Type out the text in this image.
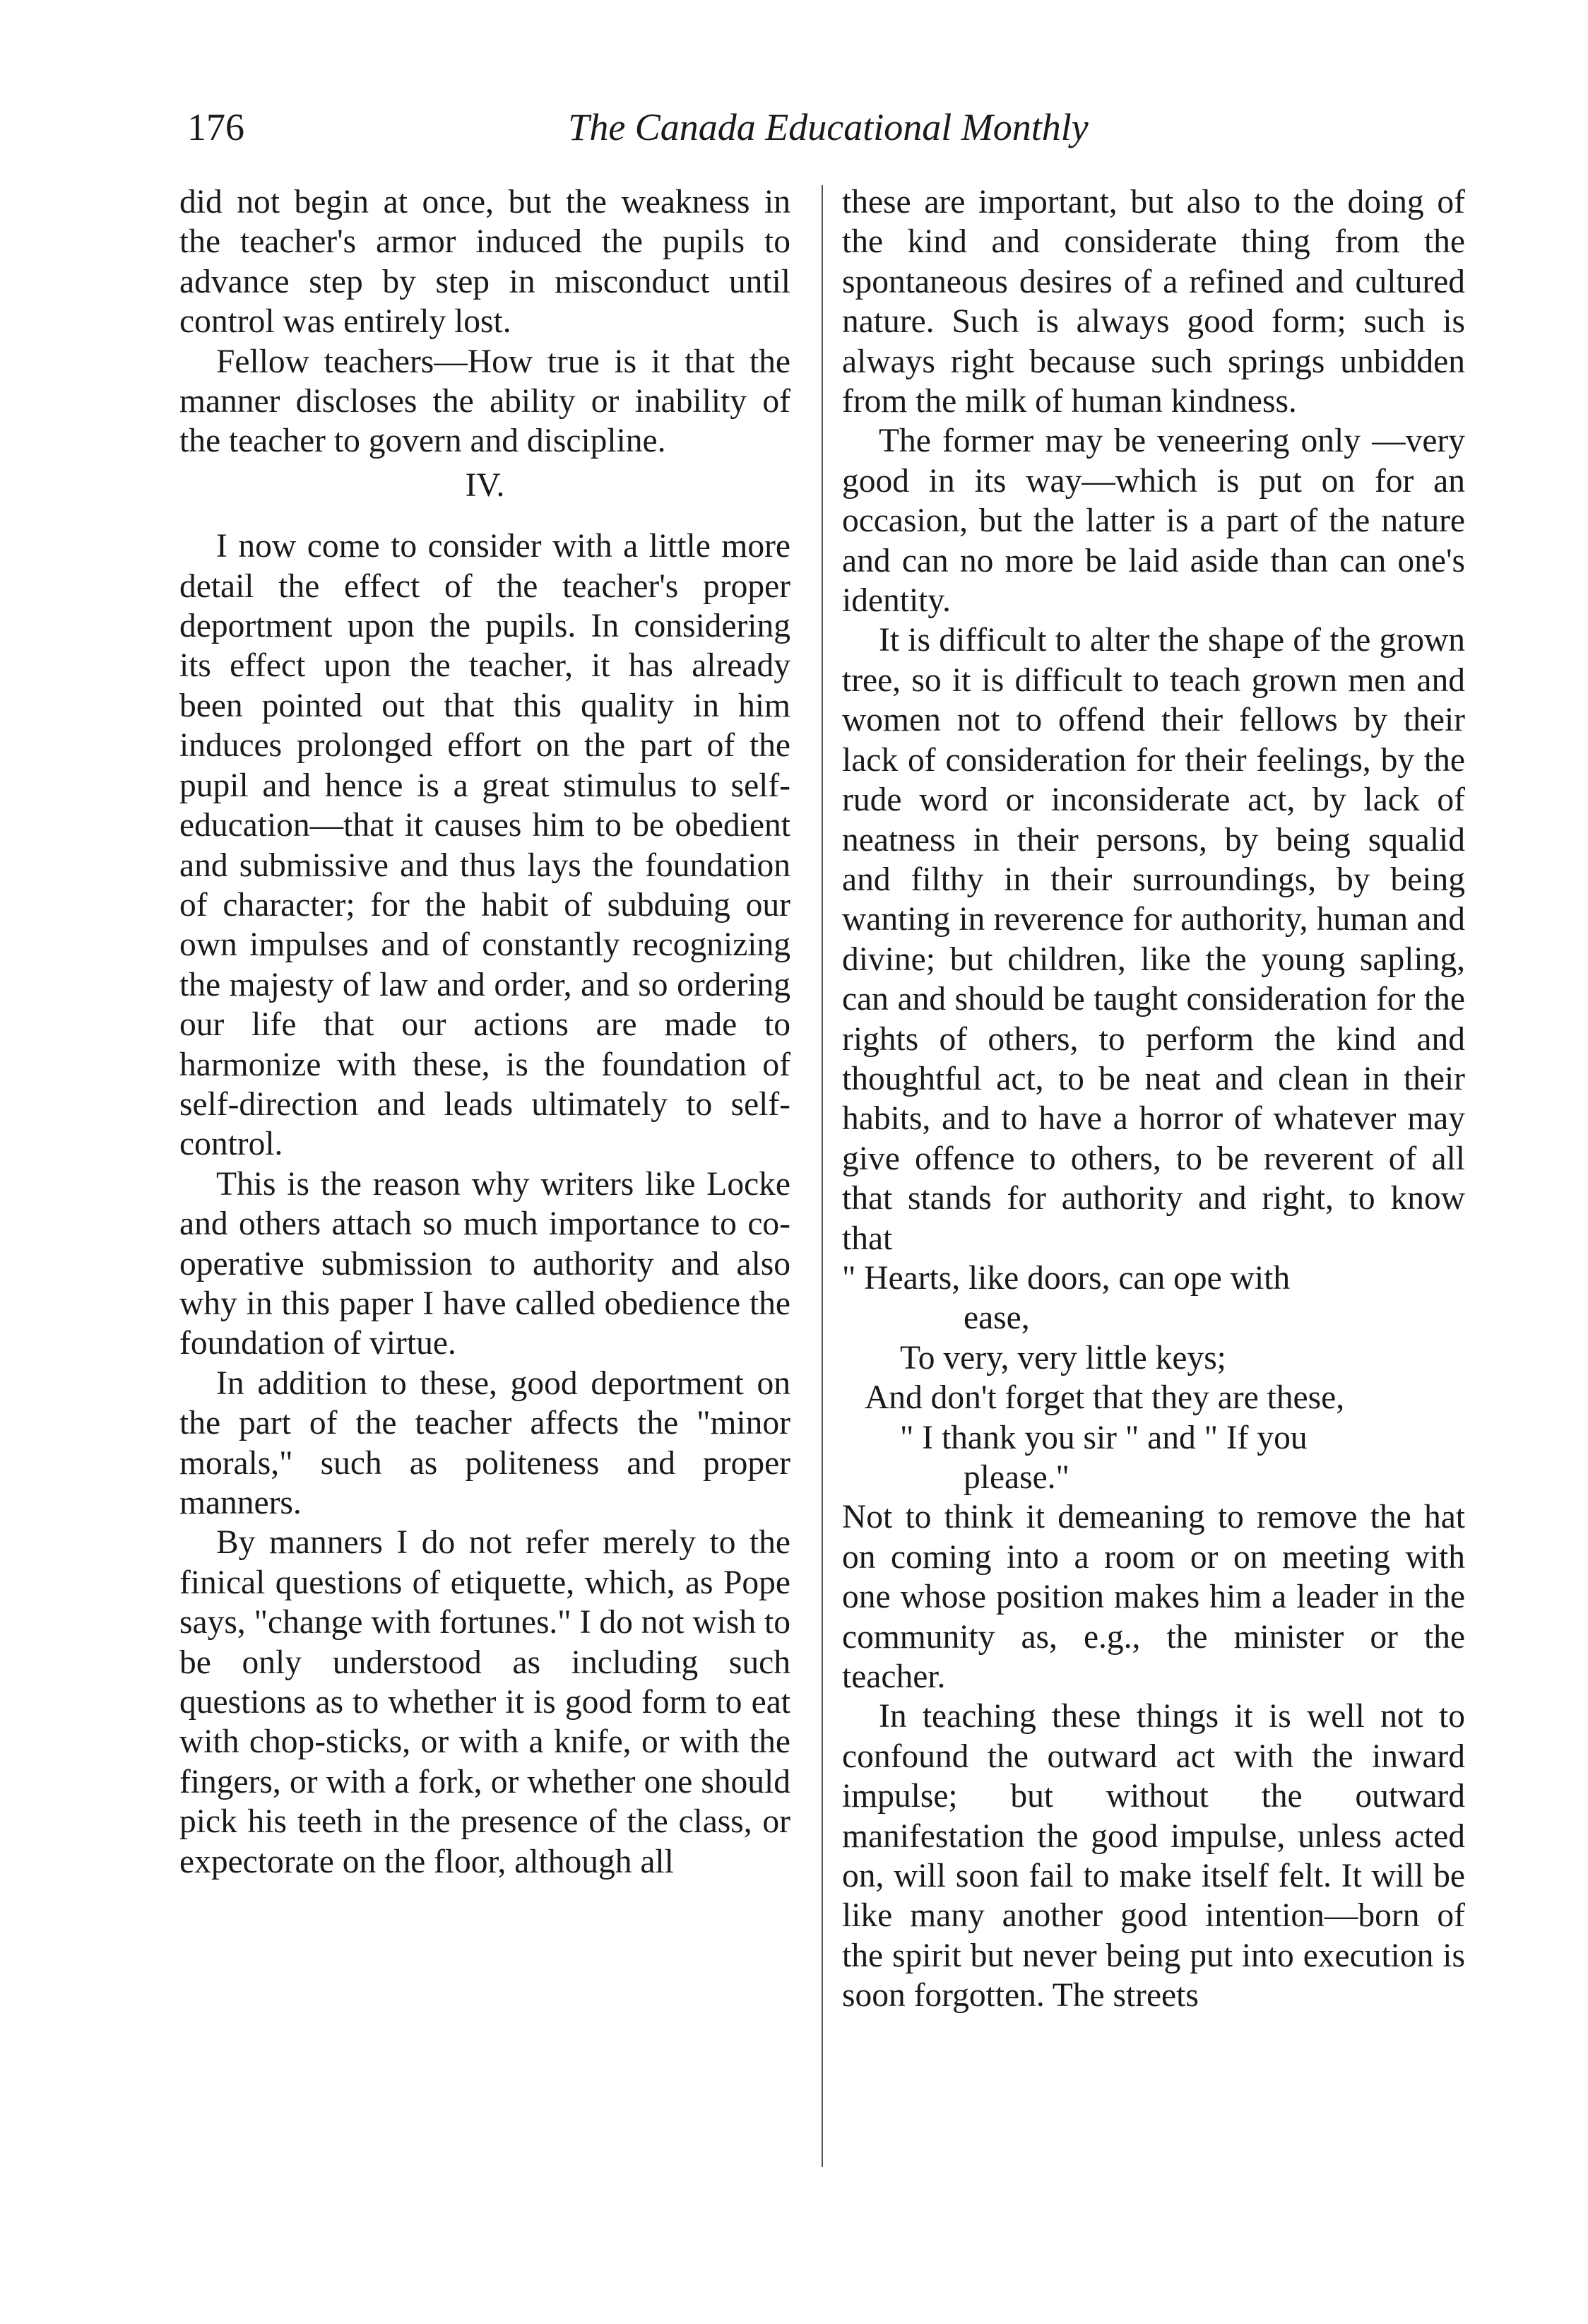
176	The Canada Educational Monthly

did not begin at once, but the weakness in the teacher's armor induced the pupils to advance step by step in misconduct until control was entirely lost.

Fellow teachers—How true is it that the manner discloses the ability or inability of the teacher to govern and discipline.

IV.

I now come to consider with a little more detail the effect of the teacher's proper deportment upon the pupils. In considering its effect upon the teacher, it has already been pointed out that this quality in him induces prolonged effort on the part of the pupil and hence is a great stimulus to self-education—that it causes him to be obedient and submissive and thus lays the foundation of character; for the habit of subduing our own impulses and of constantly recognizing the majesty of law and order, and so ordering our life that our actions are made to harmonize with these, is the foundation of self-direction and leads ultimately to self-control.

This is the reason why writers like Locke and others attach so much importance to co-operative submission to authority and also why in this paper I have called obedience the foundation of virtue.

In addition to these, good deportment on the part of the teacher affects the "minor morals," such as politeness and proper manners.

By manners I do not refer merely to the finical questions of etiquette, which, as Pope says, "change with fortunes." I do not wish to be only understood as including such questions as to whether it is good form to eat with chop-sticks, or with a knife, or with the fingers, or with a fork, or whether one should pick his teeth in the presence of the class, or expectorate on the floor, although all

these are important, but also to the doing of the kind and considerate thing from the spontaneous desires of a refined and cultured nature. Such is always good form; such is always right because such springs unbidden from the milk of human kindness.

The former may be veneering only —very good in its way—which is put on for an occasion, but the latter is a part of the nature and can no more be laid aside than can one's identity.

It is difficult to alter the shape of the grown tree, so it is difficult to teach grown men and women not to offend their fellows by their lack of consideration for their feelings, by the rude word or inconsiderate act, by lack of neatness in their persons, by being squalid and filthy in their surroundings, by being wanting in reverence for authority, human and divine; but children, like the young sapling, can and should be taught consideration for the rights of others, to perform the kind and thoughtful act, to be neat and clean in their habits, and to have a horror of whatever may give offence to others, to be reverent of all that stands for authority and right, to know that

" Hearts, like doors, can ope with
ease,
To very, very little keys;
And don't forget that they are these,
" I thank you sir " and " If you
please."

Not to think it demeaning to remove the hat on coming into a room or on meeting with one whose position makes him a leader in the community as, e.g., the minister or the teacher.

In teaching these things it is well not to confound the outward act with the inward impulse; but without the outward manifestation the good impulse, unless acted on, will soon fail to make itself felt. It will be like many another good intention—born of the spirit but never being put into execution is soon forgotten. The streets
